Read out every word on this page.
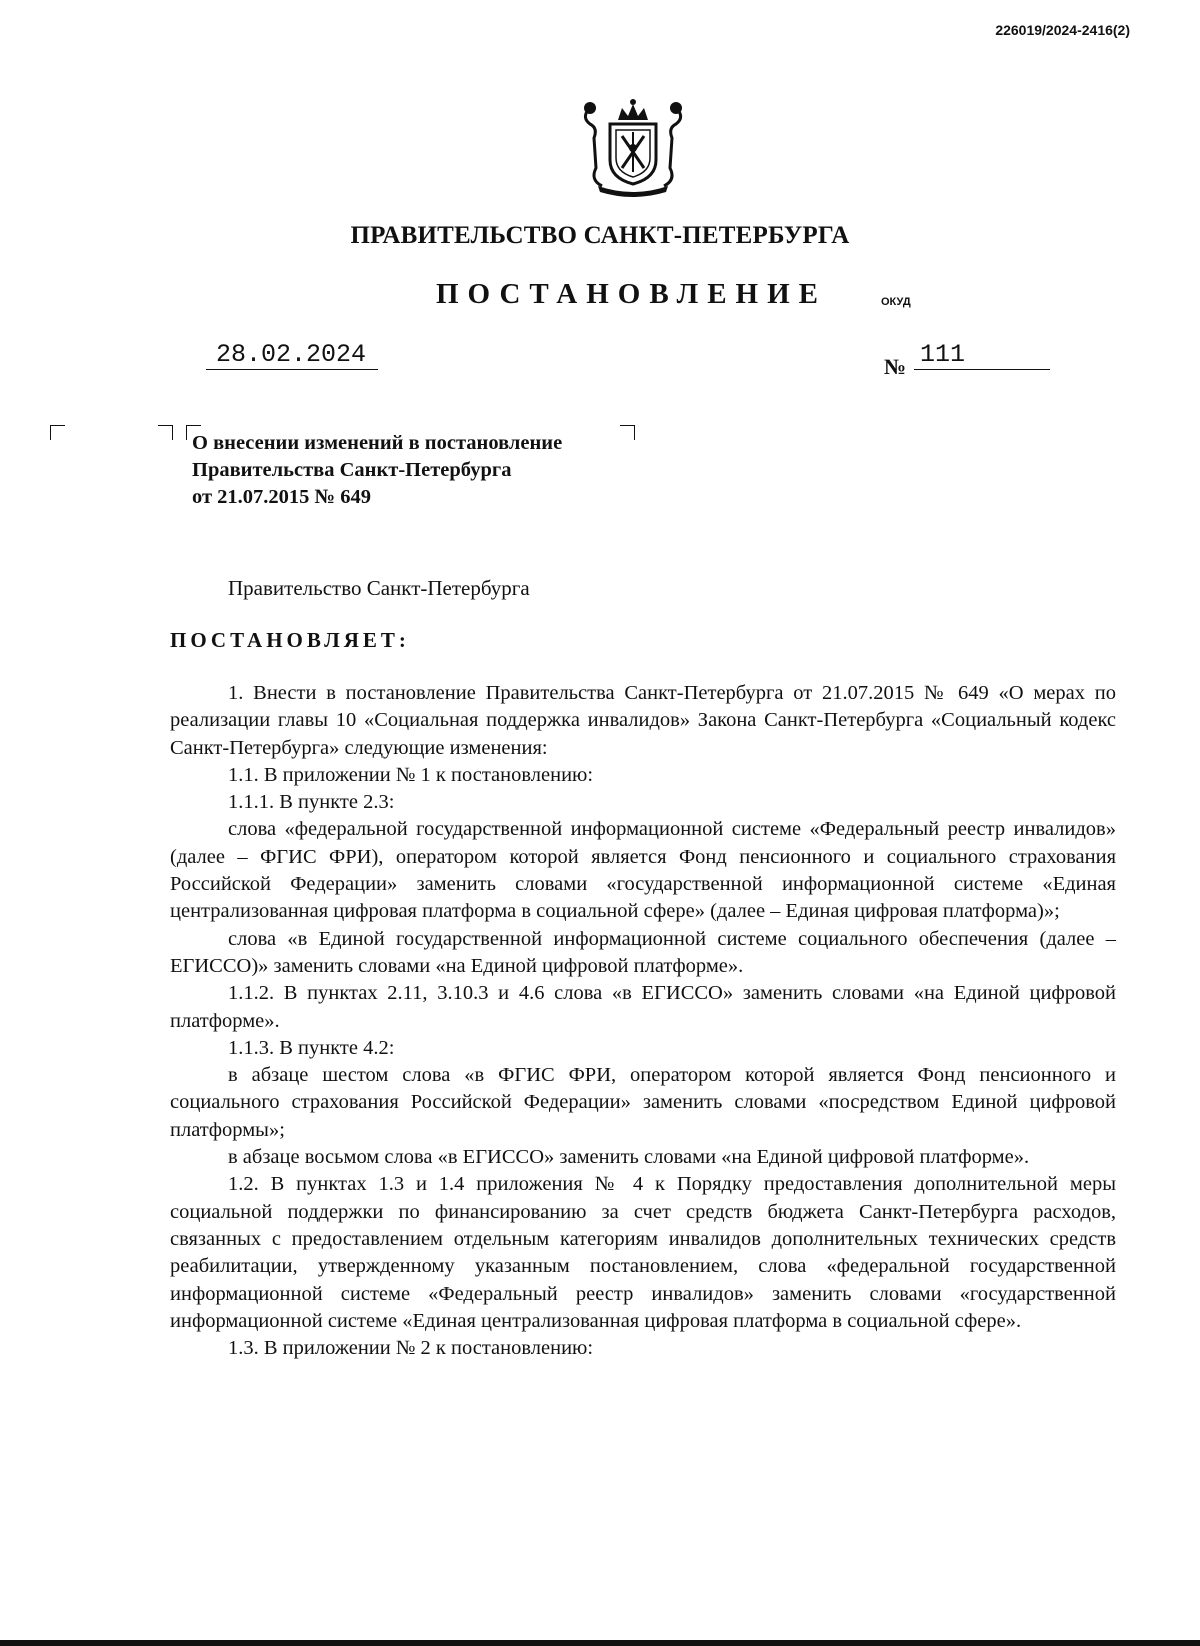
226019/2024-2416(2)
ПРАВИТЕЛЬСТВО САНКТ-ПЕТЕРБУРГА
ПОСТАНОВЛЕНИЕ	ОКУД
28.02.2024	№ 111
О внесении изменений в постановление
Правительства Санкт-Петербурга
от 21.07.2015 № 649
Правительство Санкт-Петербурга
ПОСТАНОВЛЯЕТ:

1. Внести в постановление Правительства Санкт-Петербурга от 21.07.2015 № 649 «О мерах по реализации главы 10 «Социальная поддержка инвалидов» Закона Санкт-Петербурга «Социальный кодекс Санкт-Петербурга» следующие изменения:

1.1. В приложении № 1 к постановлению:

1.1.1. В пункте 2.3:

слова «федеральной государственной информационной системе «Федеральный реестр инвалидов» (далее – ФГИС ФРИ), оператором которой является Фонд пенсионного и социального страхования Российской Федерации» заменить словами «государственной информационной системе «Единая централизованная цифровая платформа в социальной сфере» (далее – Единая цифровая платформа)»;

слова «в Единой государственной информационной системе социального обеспечения (далее – ЕГИССО)» заменить словами «на Единой цифровой платформе».

1.1.2. В пунктах 2.11, 3.10.3 и 4.6 слова «в ЕГИССО» заменить словами «на Единой цифровой платформе».

1.1.3. В пункте 4.2:

в абзаце шестом слова «в ФГИС ФРИ, оператором которой является Фонд пенсионного и социального страхования Российской Федерации» заменить словами «посредством Единой цифровой платформы»;

в абзаце восьмом слова «в ЕГИССО» заменить словами «на Единой цифровой платформе».

1.2. В пунктах 1.3 и 1.4 приложения № 4 к Порядку предоставления дополнительной меры социальной поддержки по финансированию за счет средств бюджета Санкт-Петербурга расходов, связанных с предоставлением отдельным категориям инвалидов дополнительных технических средств реабилитации, утвержденному указанным постановлением, слова «федеральной государственной информационной системе «Федеральный реестр инвалидов» заменить словами «государственной информационной системе «Единая централизованная цифровая платформа в социальной сфере».

1.3. В приложении № 2 к постановлению:
